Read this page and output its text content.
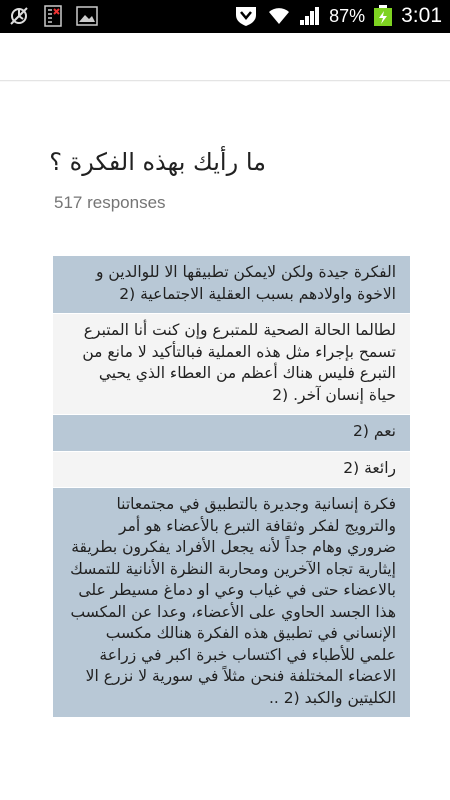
87% 3:01
ما رأيك بهذه الفكرة ؟
517 responses
الفكرة جيدة ولكن لايمكن تطبيقها الا للوالدين و الاخوة واولادهم بسبب العقلية الاجتماعية (2
لطالما الحالة الصحية للمتبرع وإن كنت أنا المتبرع تسمح بإجراء مثل هذه العملية فبالتأكيد لا مانع من التبرع فليس هناك أعظم من العطاء الذي يحيي حياة إنسان آخر. (2
نعم (2
رائعة (2
فكرة إنسانية وجديرة بالتطبيق في مجتمعاتنا والترويج لفكر وثقافة التبرع بالأعضاء هو أمر ضروري وهام جداً لأنه يجعل الأفراد يفكرون بطريقة إيثارية تجاه الآخرين ومحاربة النظرة الأنانية للتمسك بالاعضاء حتى في غياب وعي او دماغ مسيطر على هذا الجسد الحاوي على الأعضاء، وعدا عن المكسب الإنساني في تطبيق هذه الفكرة هنالك مكسب علمي للأطباء في اكتساب خبرة اكبر في زراعة الاعضاء المختلفة فنحن مثلاً في سورية لا نزرع الا الكليتين والكبد (2 ..
